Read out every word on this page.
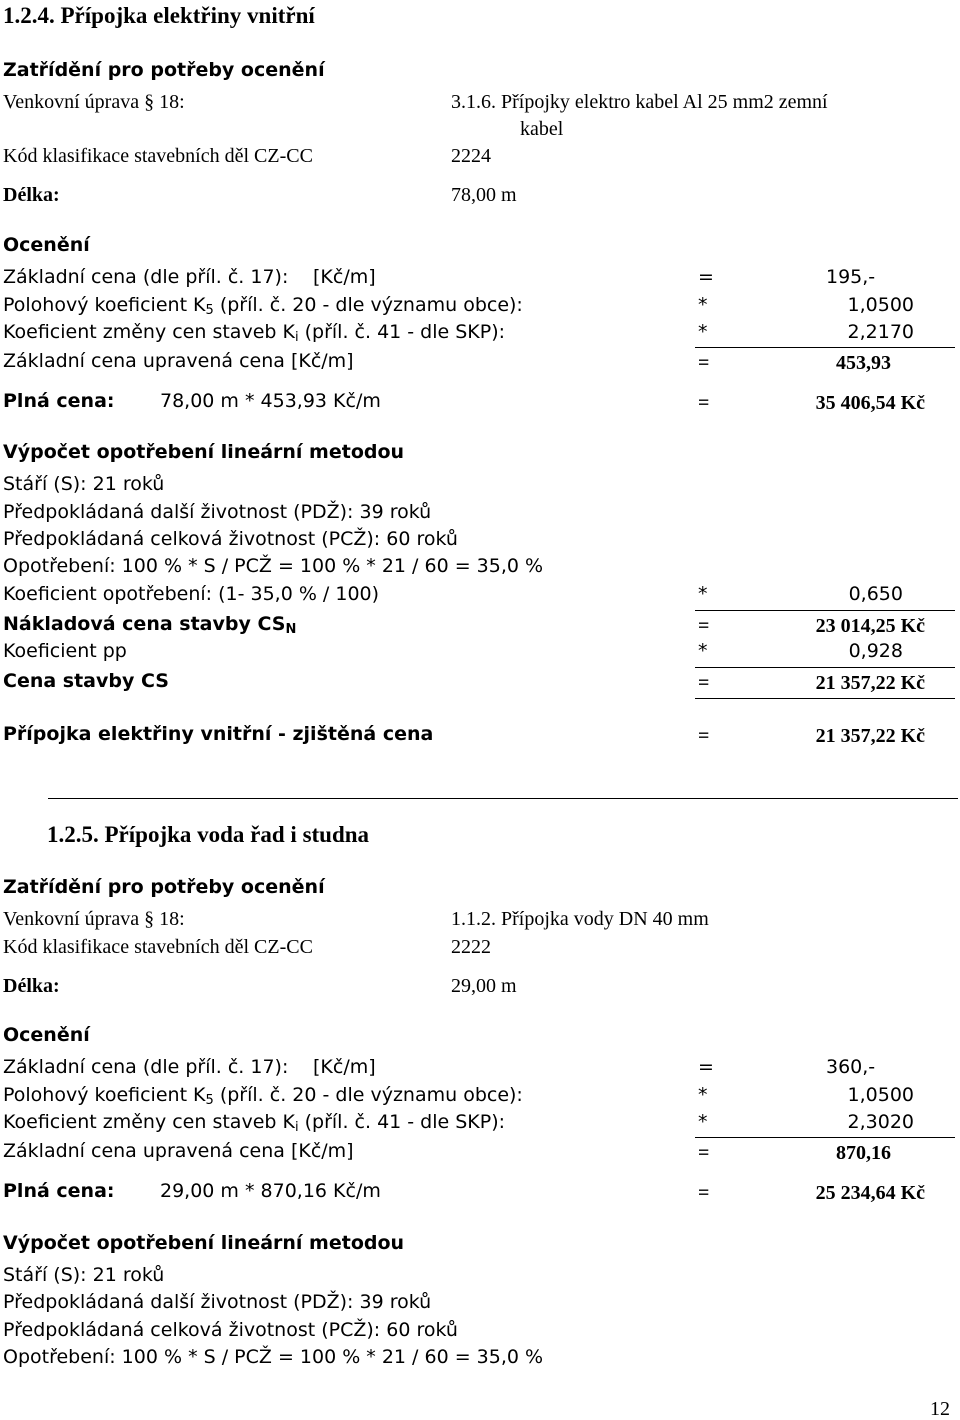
1.2.4. Přípojka elektřiny vnitřní
Zatřídění pro potřeby ocenění
Venkovní úprava § 18:	3.1.6. Přípojky elektro kabel Al 25 mm2 zemní
kabel
Kód klasifikace stavebních děl CZ-CC	2224
Délka:	78,00 m
Ocenění
Základní cena (dle příl. č. 17): [Kč/m]	=	195,-
Polohový koeficient $K_5$ (příl. č. 20 - dle významu obce):	*	1,0500
Koeficient změny cen staveb $K_i$ (příl. č. 41 - dle SKP):	*	2,2170
Základní cena upravená cena [Kč/m]	=	453,93
Plná cena: 78,00 m * 453,93 Kč/m	=	35 406,54 Kč
Výpočet opotřebení lineární metodou
Stáří (S): 21 roků
Předpokládaná další životnost (PDŽ): 39 roků
Předpokládaná celková životnost (PCŽ): 60 roků
Opotřebení: 100 % * S / PCŽ = 100 % * 21 / 60 = 35,0 %
Koeficient opotřebení: (1- 35,0 % / 100)	*	0,650
Nákladová cena stavby $CS_N$	=	23 014,25 Kč
Koeficient pp	*	0,928
Cena stavby CS	=	21 357,22 Kč
Přípojka elektřiny vnitřní - zjištěná cena	=	21 357,22 Kč
1.2.5. Přípojka voda řad i studna
Zatřídění pro potřeby ocenění
Venkovní úprava § 18:	1.1.2. Přípojka vody DN 40 mm
Kód klasifikace stavebních děl CZ-CC	2222
Délka:	29,00 m
Ocenění
Základní cena (dle příl. č. 17): [Kč/m]	=	360,-
Polohový koeficient $K_5$ (příl. č. 20 - dle významu obce):	*	1,0500
Koeficient změny cen staveb $K_i$ (příl. č. 41 - dle SKP):	*	2,3020
Základní cena upravená cena [Kč/m]	=	870,16
Plná cena: 29,00 m * 870,16 Kč/m	=	25 234,64 Kč
Výpočet opotřebení lineární metodou
Stáří (S): 21 roků
Předpokládaná další životnost (PDŽ): 39 roků
Předpokládaná celková životnost (PCŽ): 60 roků
Opotřebení: 100 % * S / PCŽ = 100 % * 21 / 60 = 35,0 %
12
